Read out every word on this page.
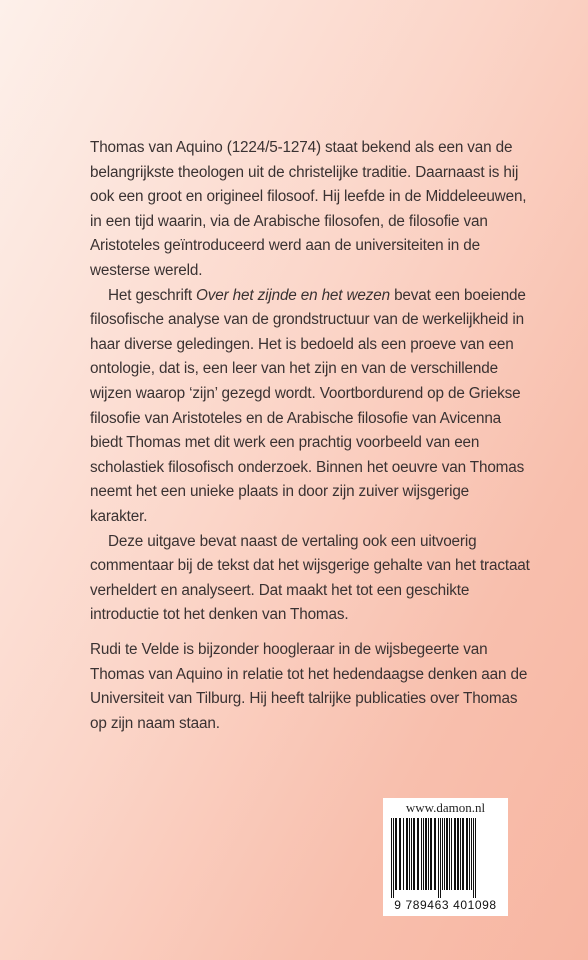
Thomas van Aquino (1224/5-1274) staat bekend als een van de belangrijkste theologen uit de christelijke traditie. Daarnaast is hij ook een groot en origineel filosoof. Hij leefde in de Middeleeuwen, in een tijd waarin, via de Arabische filosofen, de filosofie van Aristoteles geïntroduceerd werd aan de universiteiten in de westerse wereld.

Het geschrift Over het zijnde en het wezen bevat een boeiende filosofische analyse van de grondstructuur van de werkelijkheid in haar diverse geledingen. Het is bedoeld als een proeve van een ontologie, dat is, een leer van het zijn en van de verschillende wijzen waarop ‘zijn’ gezegd wordt. Voortbordurend op de Griekse filosofie van Aristoteles en de Arabische filosofie van Avicenna biedt Thomas met dit werk een prachtig voorbeeld van een scholastiek filosofisch onderzoek. Binnen het oeuvre van Thomas neemt het een unieke plaats in door zijn zuiver wijsgerige karakter.

Deze uitgave bevat naast de vertaling ook een uitvoerig commentaar bij de tekst dat het wijsgerige gehalte van het tractaat verheldert en analyseert. Dat maakt het tot een geschikte introductie tot het denken van Thomas.

Rudi te Velde is bijzonder hoogleraar in de wijsbegeerte van Thomas van Aquino in relatie tot het hedendaagse denken aan de Universiteit van Tilburg. Hij heeft talrijke publicaties over Thomas op zijn naam staan.

www.damon.nl
9 789463 401098
